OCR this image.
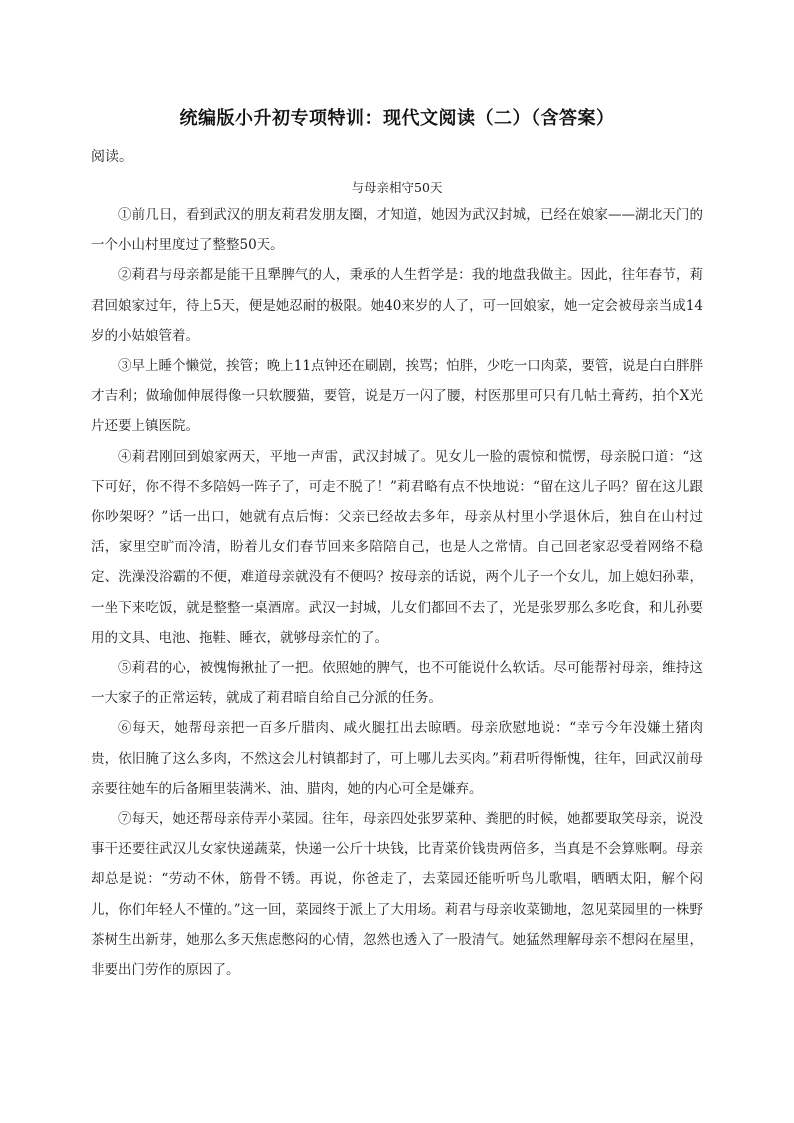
统编版小升初专项特训：现代文阅读（二）（含答案）
阅读。
与母亲相守50天

①前几日，看到武汉的朋友莉君发朋友圈，才知道，她因为武汉封城，已经在娘家——湖北天门的一个小山村里度过了整整50天。

②莉君与母亲都是能干且犟脾气的人，秉承的人生哲学是：我的地盘我做主。因此，往年春节，莉君回娘家过年，待上5天，便是她忍耐的极限。她40来岁的人了，可一回娘家，她一定会被母亲当成14岁的小姑娘管着。

③早上睡个懒觉，挨管；晚上11点钟还在刷剧，挨骂；怕胖，少吃一口肉菜，要管，说是白白胖胖才吉利；做瑜伽伸展得像一只软腰猫，要管，说是万一闪了腰，村医那里可只有几帖土膏药，拍个X光片还要上镇医院。

④莉君刚回到娘家两天，平地一声雷，武汉封城了。见女儿一脸的震惊和慌愣，母亲脱口道：“这下可好，你不得不多陪妈一阵子了，可走不脱了！”莉君略有点不快地说：“留在这儿子吗？留在这儿跟你吵架呀？”话一出口，她就有点后悔：父亲已经故去多年，母亲从村里小学退休后，独自在山村过活，家里空旷而冷清，盼着儿女们春节回来多陪陪自己，也是人之常情。自己回老家忍受着网络不稳定、洗澡没浴霸的不便，难道母亲就没有不便吗？按母亲的话说，两个儿子一个女儿，加上媳妇孙辈，一坐下来吃饭，就是整整一桌酒席。武汉一封城，儿女们都回不去了，光是张罗那么多吃食，和儿孙要用的文具、电池、拖鞋、睡衣，就够母亲忙的了。

⑤莉君的心，被愧悔揪扯了一把。依照她的脾气，也不可能说什么软话。尽可能帮衬母亲，维持这一大家子的正常运转，就成了莉君暗自给自己分派的任务。

⑥每天，她帮母亲把一百多斤腊肉、咸火腿扛出去晾晒。母亲欣慰地说：“幸亏今年没嫌土猪肉贵，依旧腌了这么多肉，不然这会儿村镇都封了，可上哪儿去买肉。”莉君听得惭愧，往年，回武汉前母亲要往她车的后备厢里装满米、油、腊肉，她的内心可全是嫌弃。

⑦每天，她还帮母亲侍弄小菜园。往年，母亲四处张罗菜种、粪肥的时候，她都要取笑母亲，说没事干还要往武汉儿女家快递蔬菜，快递一公斤十块钱，比青菜价钱贵两倍多，当真是不会算账啊。母亲却总是说：“劳动不休，筋骨不锈。再说，你爸走了，去菜园还能听听鸟儿歌唱，晒晒太阳，解个闷儿，你们年轻人不懂的。”这一回，菜园终于派上了大用场。莉君与母亲收菜锄地，忽见菜园里的一株野茶树生出新芽，她那么多天焦虑憋闷的心情，忽然也透入了一股清气。她猛然理解母亲不想闷在屋里，非要出门劳作的原因了。
